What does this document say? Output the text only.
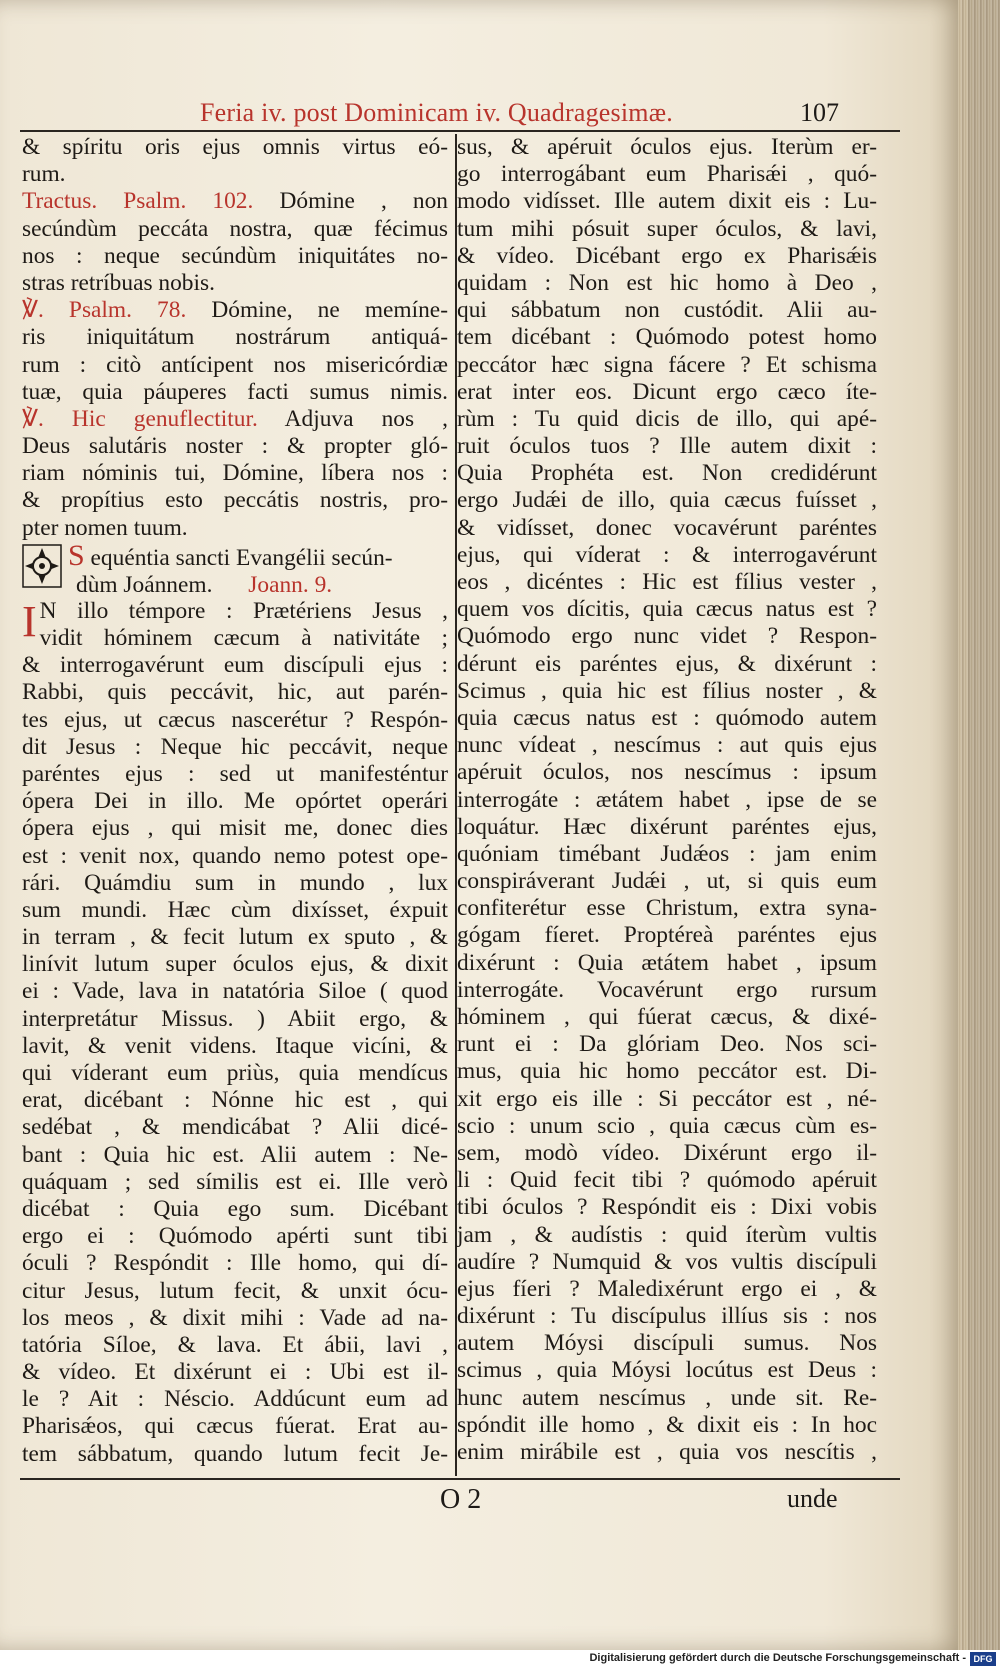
Feria iv. post Dominicam iv. Quadragesimæ.	107
& spíritu oris ejus omnis virtus eó-
rum.
Tractus. Psalm. 102. Dómine , non
secúndùm peccáta nostra, quæ fécimus
nos : neque secúndùm iniquitátes no-
stras retríbuas nobis.
℣. Psalm. 78. Dómine, ne memíne-
ris iniquitátum nostrárum antiquá-
rum : citò antícipent nos misericórdiæ
tuæ, quia páuperes facti sumus nimis.
℣. Hic genuflectitur. Adjuva nos ,
Deus salutáris noster : & propter gló-
riam nóminis tui, Dómine, líbera nos :
& propítius esto peccátis nostris, pro-
pter nomen tuum.
S equéntia sancti Evangélii secún-
dùm Joánnem. Joann. 9.
I N illo témpore : Prætériens Jesus ,
vidit hóminem cæcum à nativitáte ;
& interrogavérunt eum discípuli ejus :
Rabbi, quis peccávit, hic, aut parén-
tes ejus, ut cæcus nascerétur ? Respón-
dit Jesus : Neque hic peccávit, neque
paréntes ejus : sed ut manifesténtur
ópera Dei in illo. Me opórtet operári
ópera ejus , qui misit me, donec dies
est : venit nox, quando nemo potest ope-
rári. Quámdiu sum in mundo , lux
sum mundi. Hæc cùm dixísset, éxpuit
in terram , & fecit lutum ex sputo , &
linívit lutum super óculos ejus, & dixit
ei : Vade, lava in natatória Siloe ( quod
interpretátur Missus. ) Abiit ergo, &
lavit, & venit videns. Itaque vicíni, &
qui víderant eum priùs, quia mendícus
erat, dicébant : Nónne hic est , qui
sedébat , & mendicábat ? Alii dicé-
bant : Quia hic est. Alii autem : Ne-
quáquam ; sed símilis est ei. Ille verò
dicébat : Quia ego sum. Dicébant
ergo ei : Quómodo apérti sunt tibi
óculi ? Respóndit : Ille homo, qui dí-
citur Jesus, lutum fecit, & unxit ócu-
los meos , & dixit mihi : Vade ad na-
tatória Síloe, & lava. Et ábii, lavi ,
& vídeo. Et dixérunt ei : Ubi est il-
le ? Ait : Néscio. Addúcunt eum ad
Pharisǽos, qui cæcus fúerat. Erat au-
tem sábbatum, quando lutum fecit Je-
sus, & apéruit óculos ejus. Iterùm er-
go interrogábant eum Pharisǽi , quó-
modo vidísset. Ille autem dixit eis : Lu-
tum mihi pósuit super óculos, & lavi,
& vídeo. Dicébant ergo ex Pharisǽis
quidam : Non est hic homo à Deo ,
qui sábbatum non custódit. Alii au-
tem dicébant : Quómodo potest homo
peccátor hæc signa fácere ? Et schisma
erat inter eos. Dicunt ergo cæco íte-
rùm : Tu quid dicis de illo, qui apé-
ruit óculos tuos ? Ille autem dixit :
Quia Prophéta est. Non credidérunt
ergo Judǽi de illo, quia cæcus fuísset ,
& vidísset, donec vocavérunt paréntes
ejus, qui víderat : & interrogavérunt
eos , dicéntes : Hic est fílius vester ,
quem vos dícitis, quia cæcus natus est ?
Quómodo ergo nunc videt ? Respon-
dérunt eis paréntes ejus, & dixérunt :
Scimus , quia hic est fílius noster , &
quia cæcus natus est : quómodo autem
nunc vídeat , nescímus : aut quis ejus
apéruit óculos, nos nescímus : ipsum
interrogáte : ætátem habet , ipse de se
loquátur. Hæc dixérunt paréntes ejus,
quóniam timébant Judǽos : jam enim
conspiráverant Judǽi , ut, si quis eum
confiterétur esse Christum, extra syna-
gógam fíeret. Proptéreà paréntes ejus
dixérunt : Quia ætátem habet , ipsum
interrogáte. Vocavérunt ergo rursum
hóminem , qui fúerat cæcus, & dixé-
runt ei : Da glóriam Deo. Nos sci-
mus, quia hic homo peccátor est. Di-
xit ergo eis ille : Si peccátor est , né-
scio : unum scio , quia cæcus cùm es-
sem, modò vídeo. Dixérunt ergo il-
li : Quid fecit tibi ? quómodo apéruit
tibi óculos ? Respóndit eis : Dixi vobis
jam , & audístis : quid íterùm vultis
audíre ? Numquid & vos vultis discípuli
ejus fíeri ? Maledixérunt ergo ei , &
dixérunt : Tu discípulus illíus sis : nos
autem Móysi discípuli sumus. Nos
scimus , quia Móysi locútus est Deus :
hunc autem nescímus , unde sit. Re-
spóndit ille homo , & dixit eis : In hoc
enim mirábile est , quia vos nescítis ,
O 2	unde
Digitalisierung gefördert durch die Deutsche Forschungsgemeinschaft - DFG
